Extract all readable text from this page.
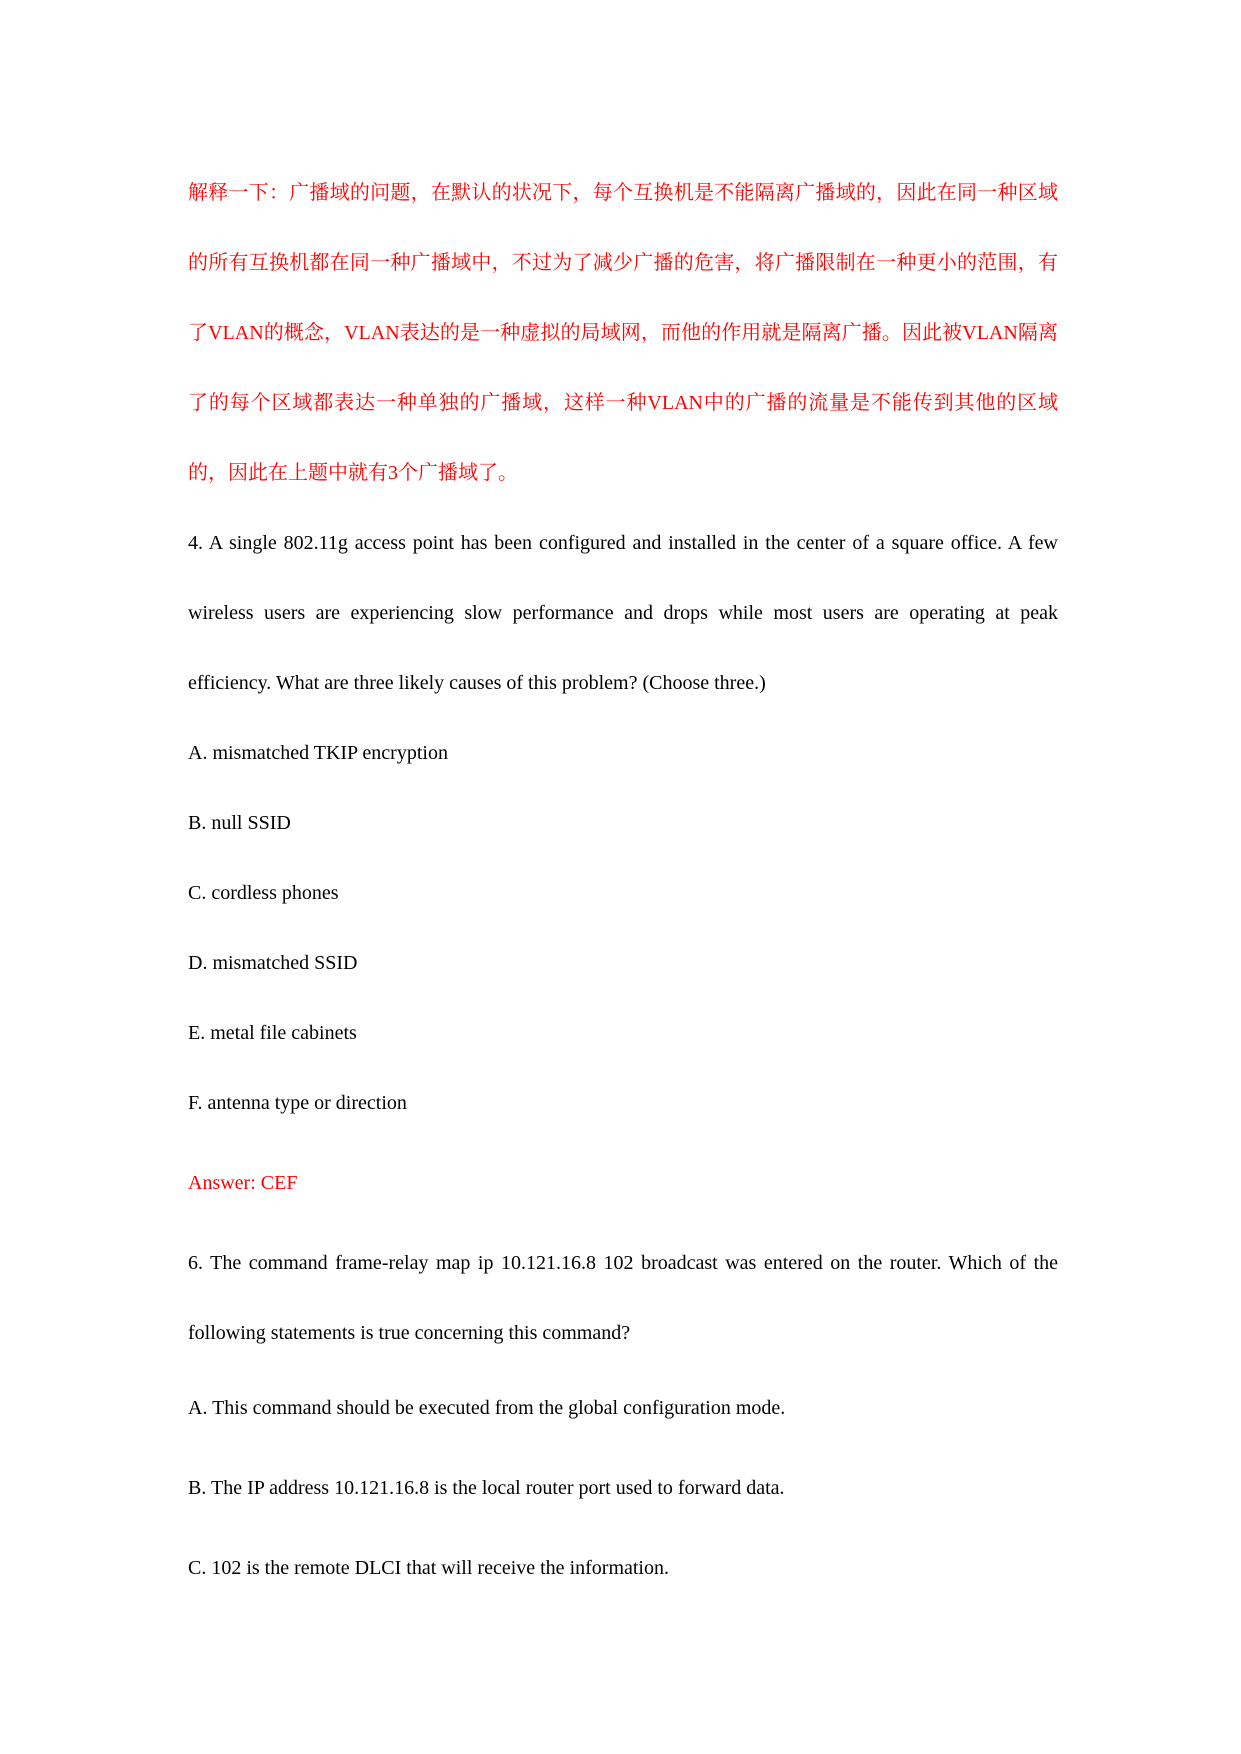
解释一下：广播域的问题，在默认的状况下，每个互换机是不能隔离广播域的，因此在同一种区域的所有互换机都在同一种广播域中，不过为了减少广播的危害，将广播限制在一种更小的范围，有了VLAN的概念，VLAN表达的是一种虚拟的局域网，而他的作用就是隔离广播。因此被VLAN隔离了的每个区域都表达一种单独的广播域，这样一种VLAN中的广播的流量是不能传到其他的区域的，因此在上题中就有3个广播域了。

4. A single 802.11g access point has been configured and installed in the center of a square office. A few wireless users are experiencing slow performance and drops while most users are operating at peak efficiency. What are three likely causes of this problem? (Choose three.)

A. mismatched TKIP encryption

B. null SSID

C. cordless phones

D. mismatched SSID

E. metal file cabinets

F. antenna type or direction

Answer: CEF

6. The command frame-relay map ip 10.121.16.8 102 broadcast was entered on the router. Which of the following statements is true concerning this command?

A. This command should be executed from the global configuration mode.

B. The IP address 10.121.16.8 is the local router port used to forward data.

C. 102 is the remote DLCI that will receive the information.
